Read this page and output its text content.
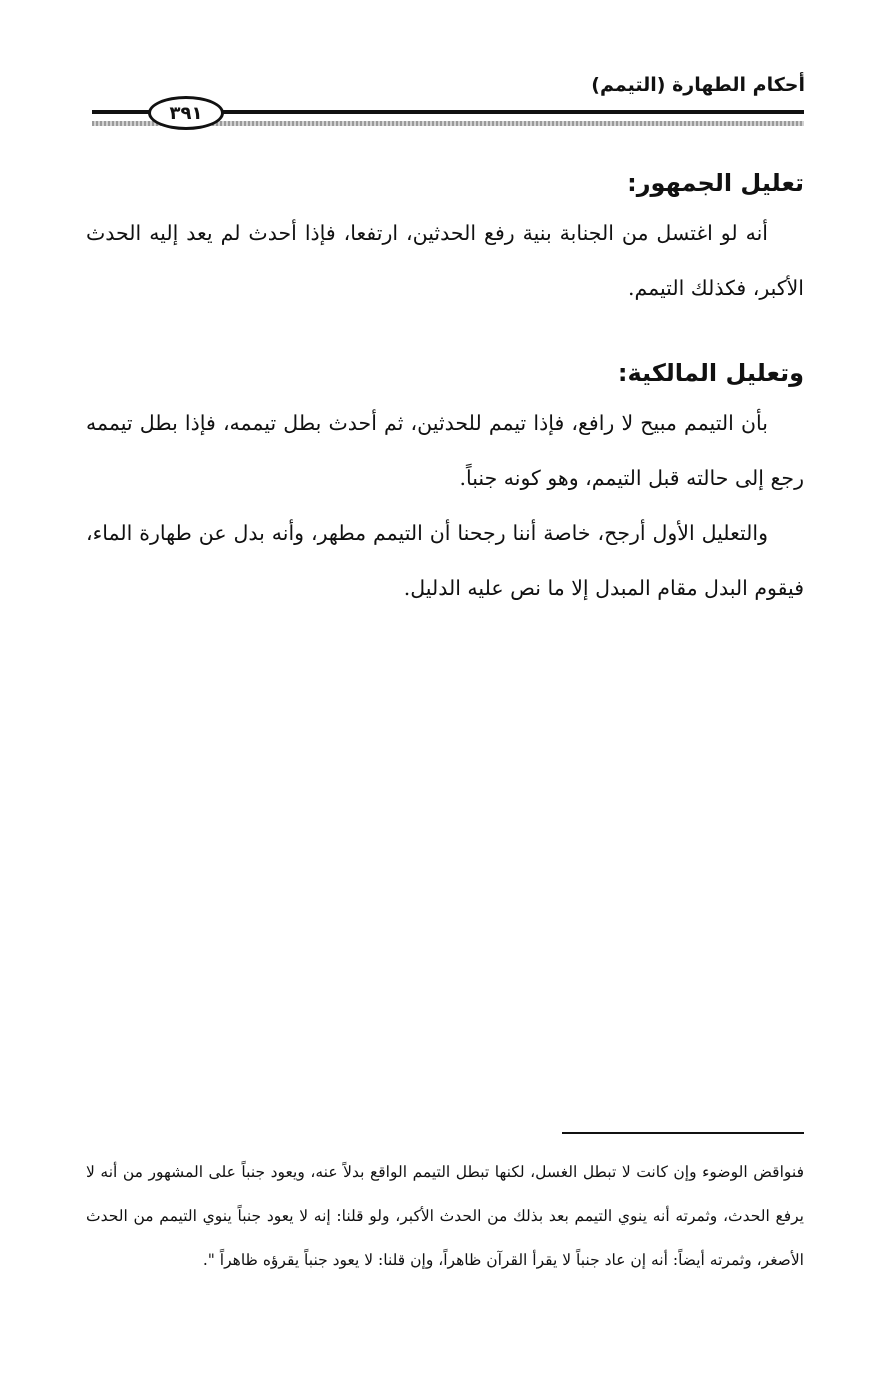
أحكام الطهارة (التيمم)
٣٩١
تعليل الجمهور:

أنه لو اغتسل من الجنابة بنية رفع الحدثين، ارتفعا، فإذا أحدث لم يعد إليه الحدث الأكبر، فكذلك التيمم.

وتعليل المالكية:

بأن التيمم مبيح لا رافع، فإذا تيمم للحدثين، ثم أحدث بطل تيممه، فإذا بطل تيممه رجع إلى حالته قبل التيمم، وهو كونه جنباً.

والتعليل الأول أرجح، خاصة أننا رجحنا أن التيمم مطهر، وأنه بدل عن طهارة الماء، فيقوم البدل مقام المبدل إلا ما نص عليه الدليل.

فنواقض الوضوء وإن كانت لا تبطل الغسل، لكنها تبطل التيمم الواقع بدلاً عنه، ويعود جنباً على المشهور من أنه لا يرفع الحدث، وثمرته أنه ينوي التيمم بعد بذلك من الحدث الأكبر، ولو قلنا: إنه لا يعود جنباً ينوي التيمم من الحدث الأصغر، وثمرته أيضاً: أنه إن عاد جنباً لا يقرأ القرآن ظاهراً، وإن قلنا: لا يعود جنباً يقرؤه ظاهراً ".
